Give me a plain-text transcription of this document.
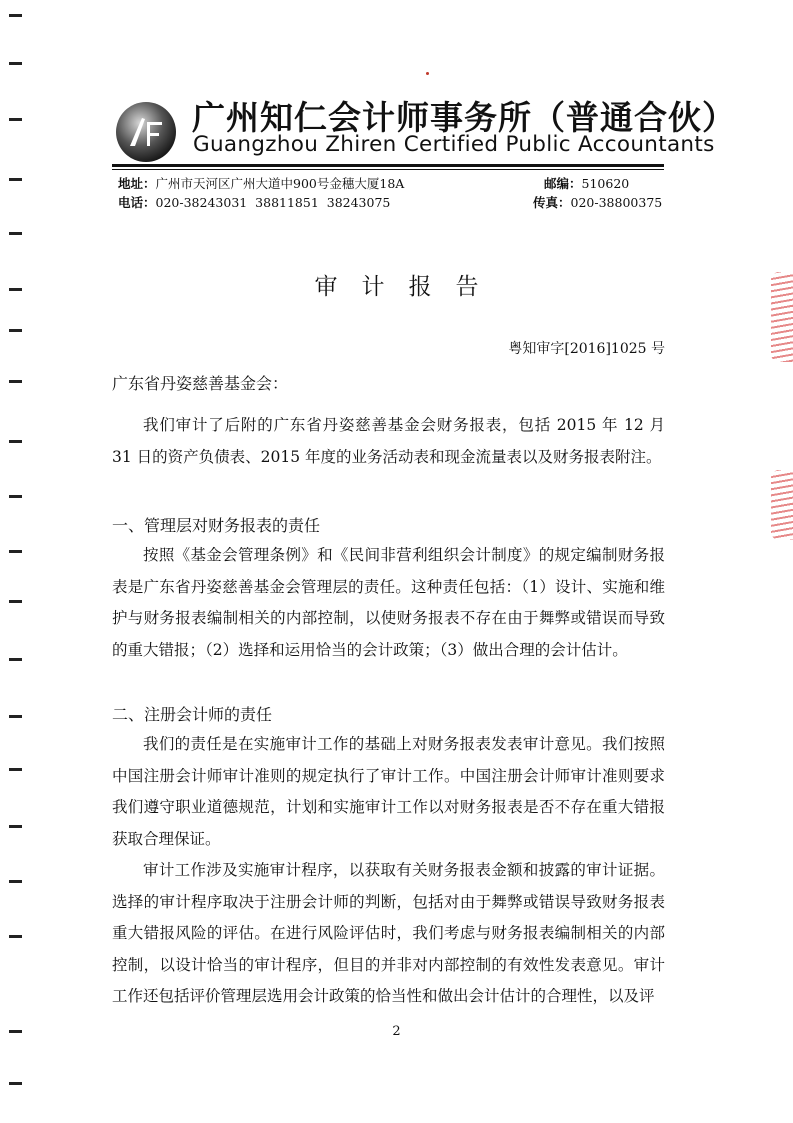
广州知仁会计师事务所（普通合伙）
Guangzhou Zhiren Certified Public Accountants
地址：广州市天河区广州大道中900号金穗大厦18A	邮编：510620
电话：020-38243031  38811851  38243075	传真：020-38800375
审计报告
粤知审字[2016]1025 号
广东省丹姿慈善基金会：

我们审计了后附的广东省丹姿慈善基金会财务报表，包括 2015 年 12 月 31 日的资产负债表、2015 年度的业务活动表和现金流量表以及财务报表附注。

一、管理层对财务报表的责任

按照《基金会管理条例》和《民间非营利组织会计制度》的规定编制财务报表是广东省丹姿慈善基金会管理层的责任。这种责任包括：（1）设计、实施和维护与财务报表编制相关的内部控制，以使财务报表不存在由于舞弊或错误而导致的重大错报；（2）选择和运用恰当的会计政策；（3）做出合理的会计估计。

二、注册会计师的责任

我们的责任是在实施审计工作的基础上对财务报表发表审计意见。我们按照中国注册会计师审计准则的规定执行了审计工作。中国注册会计师审计准则要求我们遵守职业道德规范，计划和实施审计工作以对财务报表是否不存在重大错报获取合理保证。

审计工作涉及实施审计程序，以获取有关财务报表金额和披露的审计证据。选择的审计程序取决于注册会计师的判断，包括对由于舞弊或错误导致财务报表重大错报风险的评估。在进行风险评估时，我们考虑与财务报表编制相关的内部控制，以设计恰当的审计程序，但目的并非对内部控制的有效性发表意见。审计工作还包括评价管理层选用会计政策的恰当性和做出会计估计的合理性，以及评

2
